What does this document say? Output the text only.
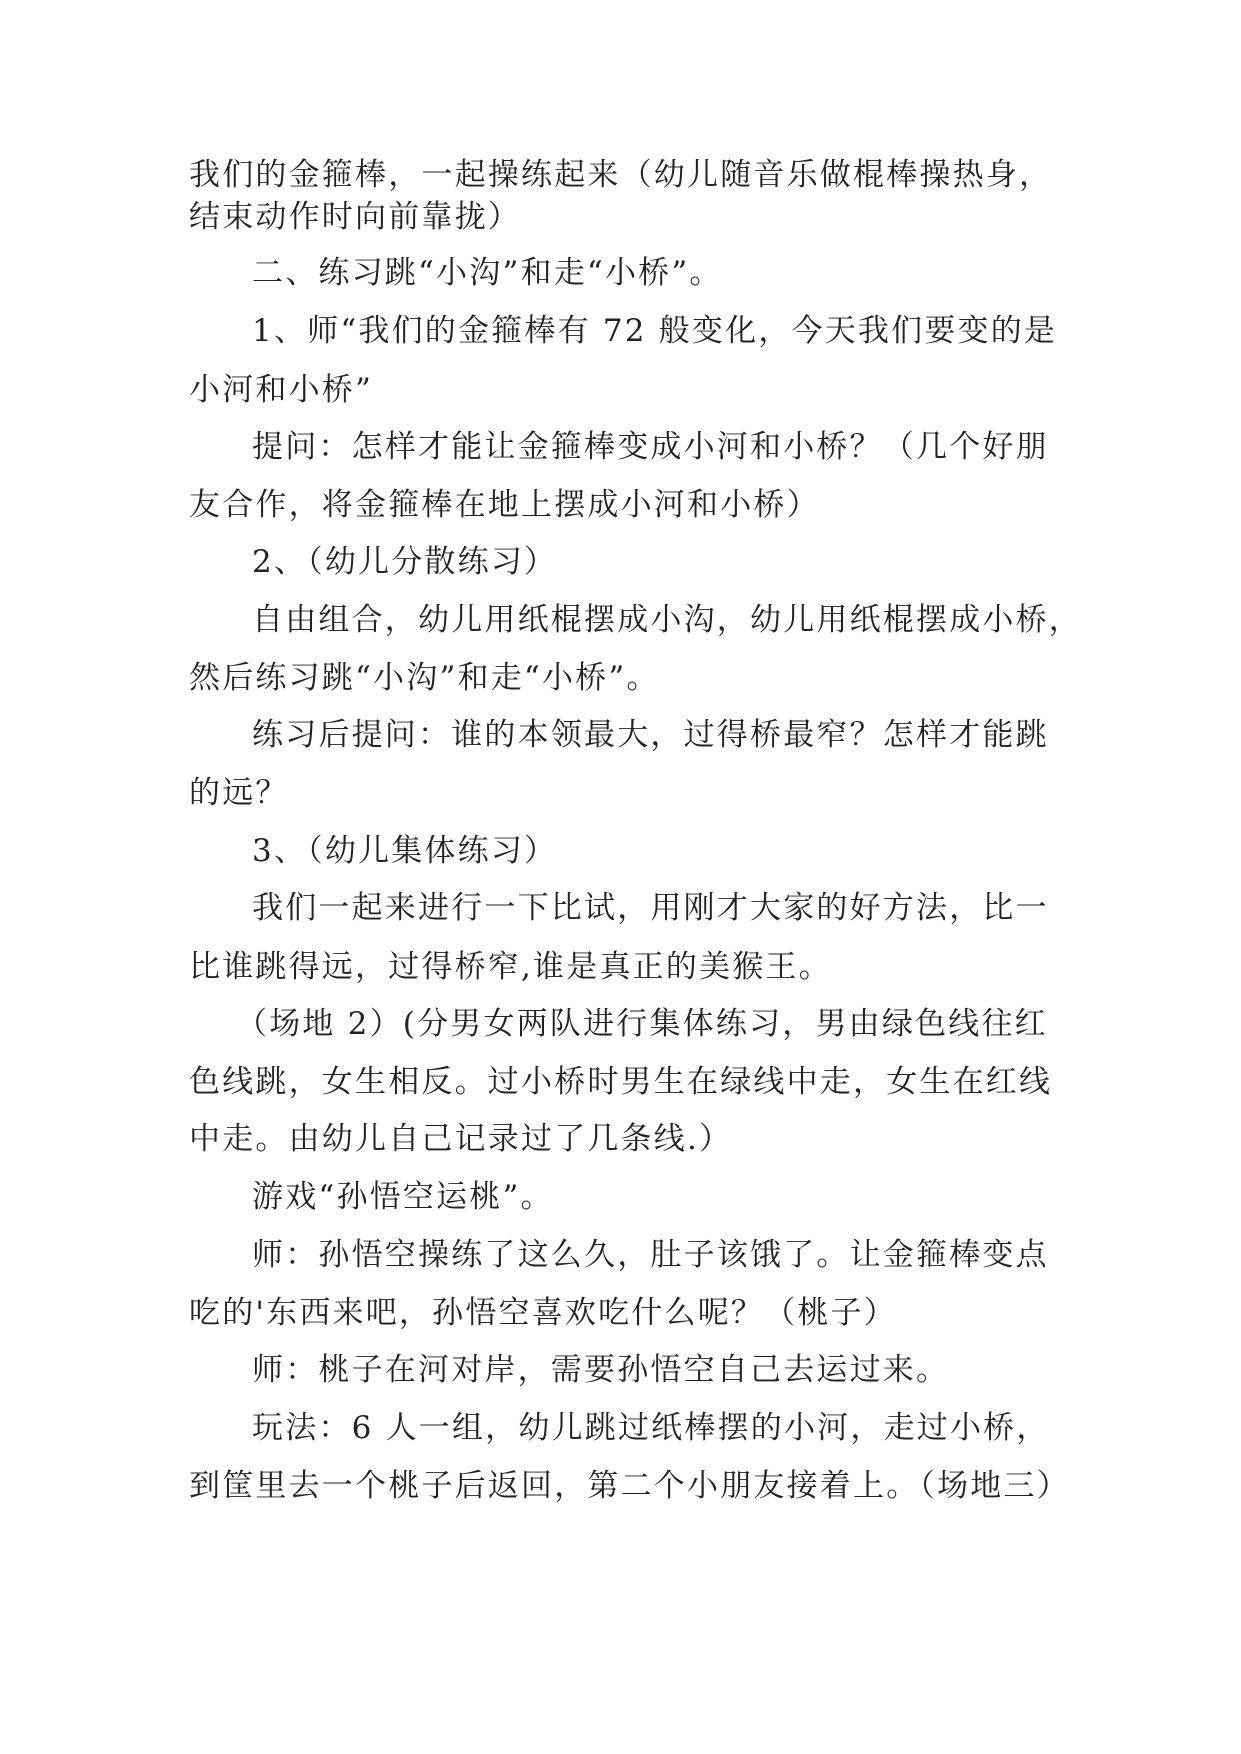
我们的金箍棒，一起操练起来（幼儿随音乐做棍棒操热身，
结束动作时向前靠拢）
二、练习跳“小沟”和走“小桥”。
1、师“我们的金箍棒有 72 般变化，今天我们要变的是
小河和小桥”
提问：怎样才能让金箍棒变成小河和小桥？（几个好朋
友合作，将金箍棒在地上摆成小河和小桥）
2、（幼儿分散练习）
自由组合，幼儿用纸棍摆成小沟，幼儿用纸棍摆成小桥，
然后练习跳“小沟”和走“小桥”。
练习后提问：谁的本领最大，过得桥最窄？怎样才能跳
的远？
3、（幼儿集体练习）
我们一起来进行一下比试，用刚才大家的好方法，比一
比谁跳得远，过得桥窄,谁是真正的美猴王。
（场地 2）(分男女两队进行集体练习，男由绿色线往红
色线跳，女生相反。过小桥时男生在绿线中走，女生在红线
中走。由幼儿自己记录过了几条线.）
游戏“孙悟空运桃”。
师：孙悟空操练了这么久，肚子该饿了。让金箍棒变点
吃的'东西来吧，孙悟空喜欢吃什么呢？（桃子）
师：桃子在河对岸，需要孙悟空自己去运过来。
玩法：6 人一组，幼儿跳过纸棒摆的小河，走过小桥，
到筐里去一个桃子后返回，第二个小朋友接着上。（场地三）
